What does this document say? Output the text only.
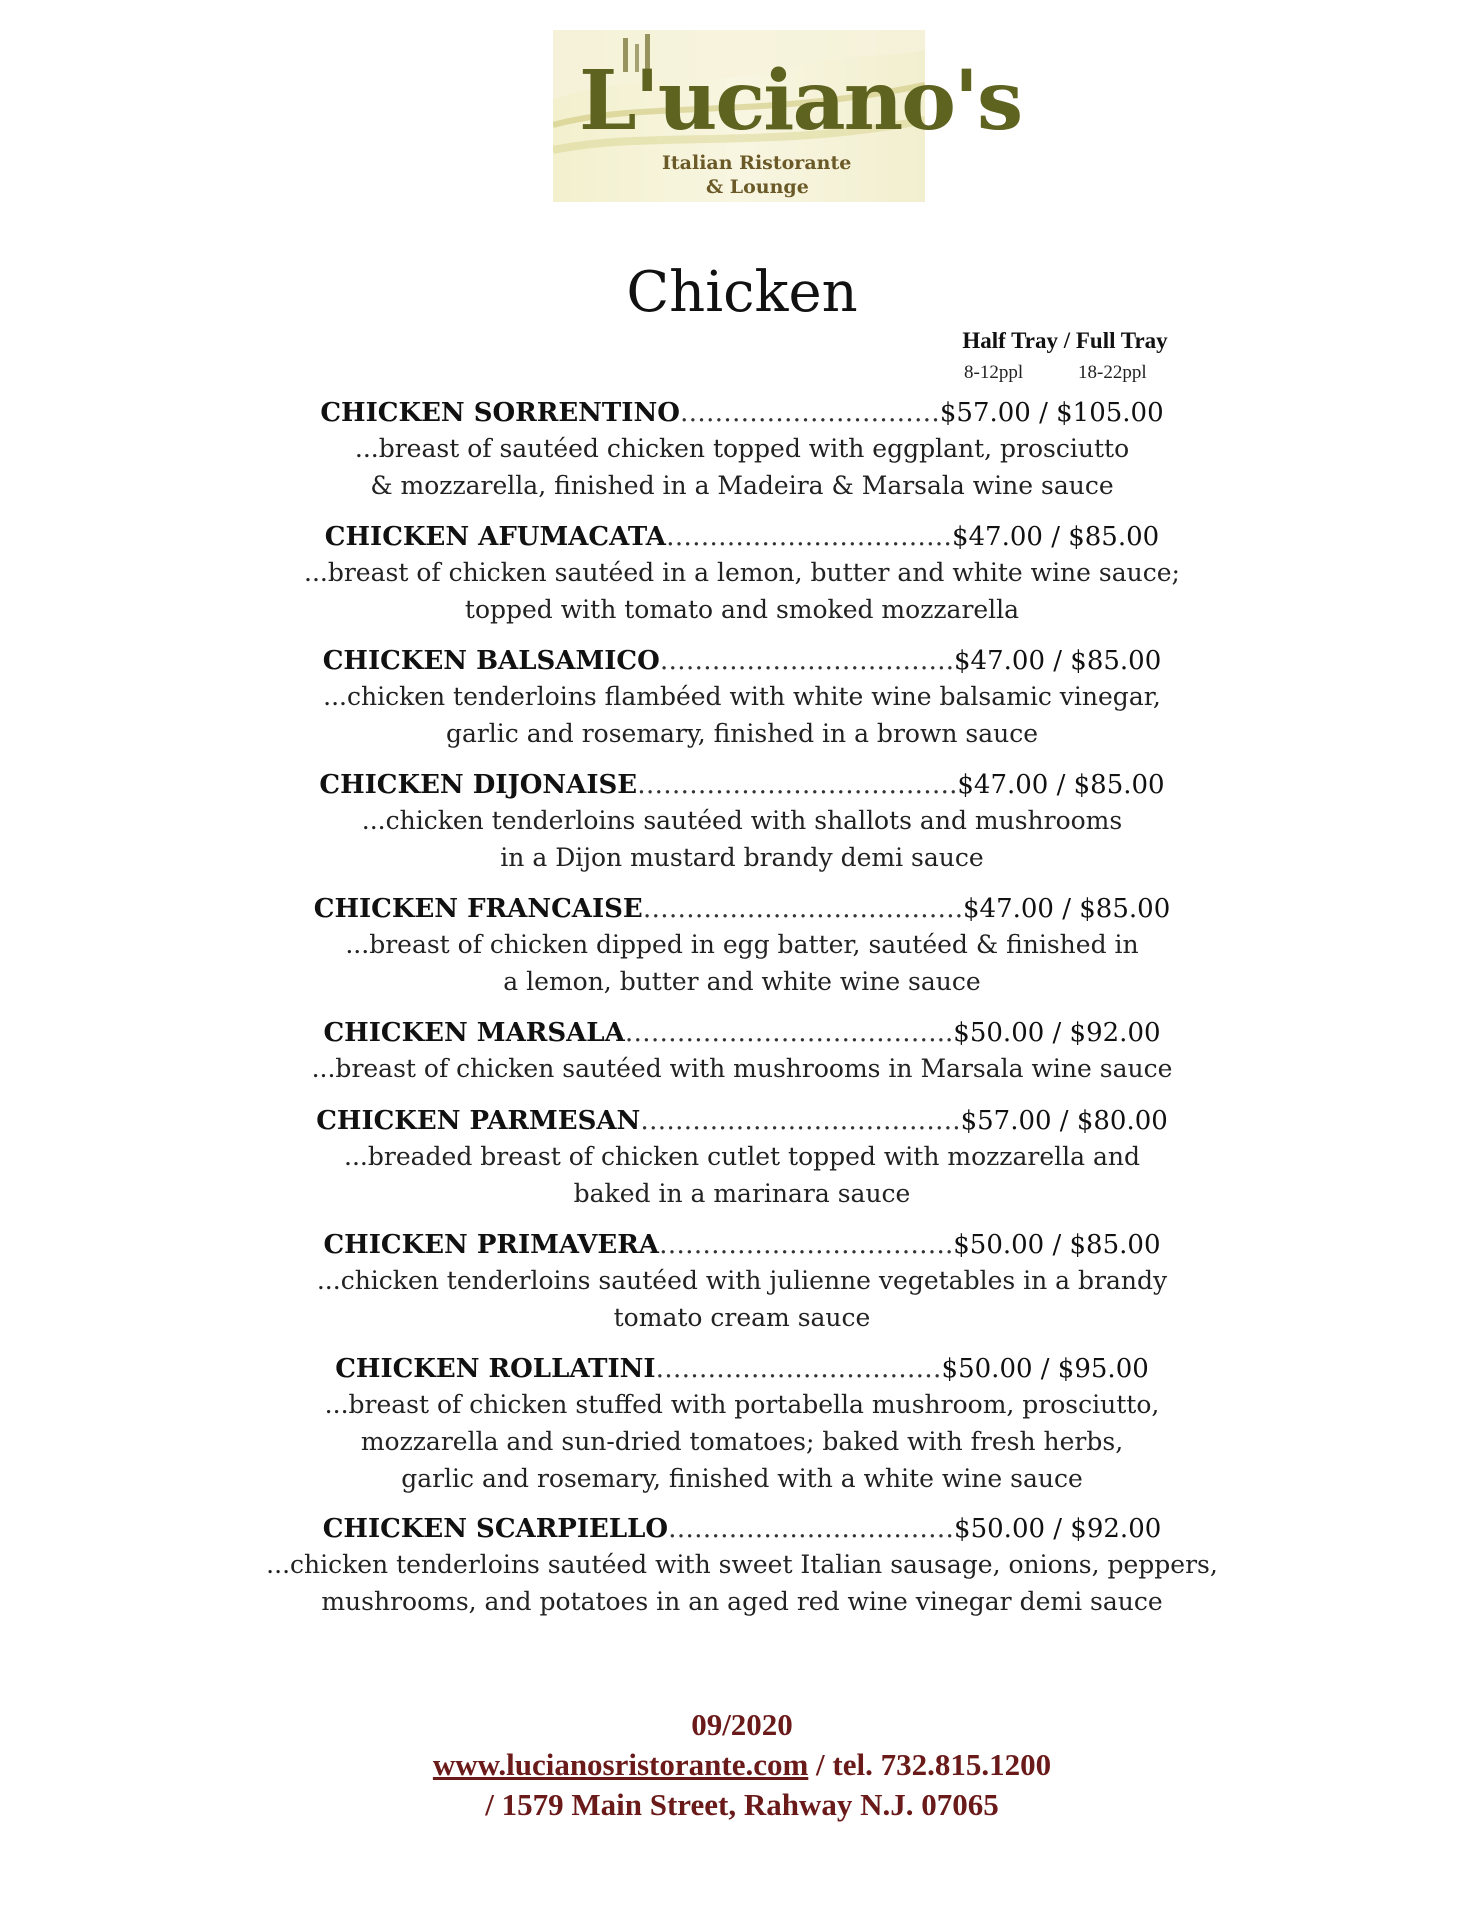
L'uciano's
Italian Ristorante
& Lounge
Chicken
Half Tray / Full Tray
8-12ppl	18-22ppl
CHICKEN SORRENTINO…………………………$57.00 / $105.00
...breast of sautéed chicken topped with eggplant, prosciutto
& mozzarella, finished in a Madeira & Marsala wine sauce
CHICKEN AFUMACATA……………………………$47.00 / $85.00
...breast of chicken sautéed in a lemon, butter and white wine sauce;
topped with tomato and smoked mozzarella
CHICKEN BALSAMICO…………………………….$47.00 / $85.00
...chicken tenderloins flambéed with white wine balsamic vinegar,
garlic and rosemary, finished in a brown sauce
CHICKEN DIJONAISE……………………………….$47.00 / $85.00
...chicken tenderloins sautéed with shallots and mushrooms
in a Dijon mustard brandy demi sauce
CHICKEN FRANCAISE……………………………….$47.00 / $85.00
...breast of chicken dipped in egg batter, sautéed & finished in
a lemon, butter and white wine sauce
CHICKEN MARSALA………………………………..$50.00 / $92.00
...breast of chicken sautéed with mushrooms in Marsala wine sauce
CHICKEN PARMESAN……………………………….$57.00 / $80.00
...breaded breast of chicken cutlet topped with mozzarella and
baked in a marinara sauce
CHICKEN PRIMAVERA…………………………….$50.00 / $85.00
...chicken tenderloins sautéed with julienne vegetables in a brandy
tomato cream sauce
CHICKEN ROLLATINI……………………………$50.00 / $95.00
...breast of chicken stuffed with portabella mushroom, prosciutto,
mozzarella and sun-dried tomatoes; baked with fresh herbs,
garlic and rosemary, finished with a white wine sauce
CHICKEN SCARPIELLO……………………………$50.00 / $92.00
...chicken tenderloins sautéed with sweet Italian sausage, onions, peppers,
mushrooms, and potatoes in an aged red wine vinegar demi sauce
09/2020
www.lucianosristorante.com / tel. 732.815.1200
/ 1579 Main Street, Rahway N.J. 07065
